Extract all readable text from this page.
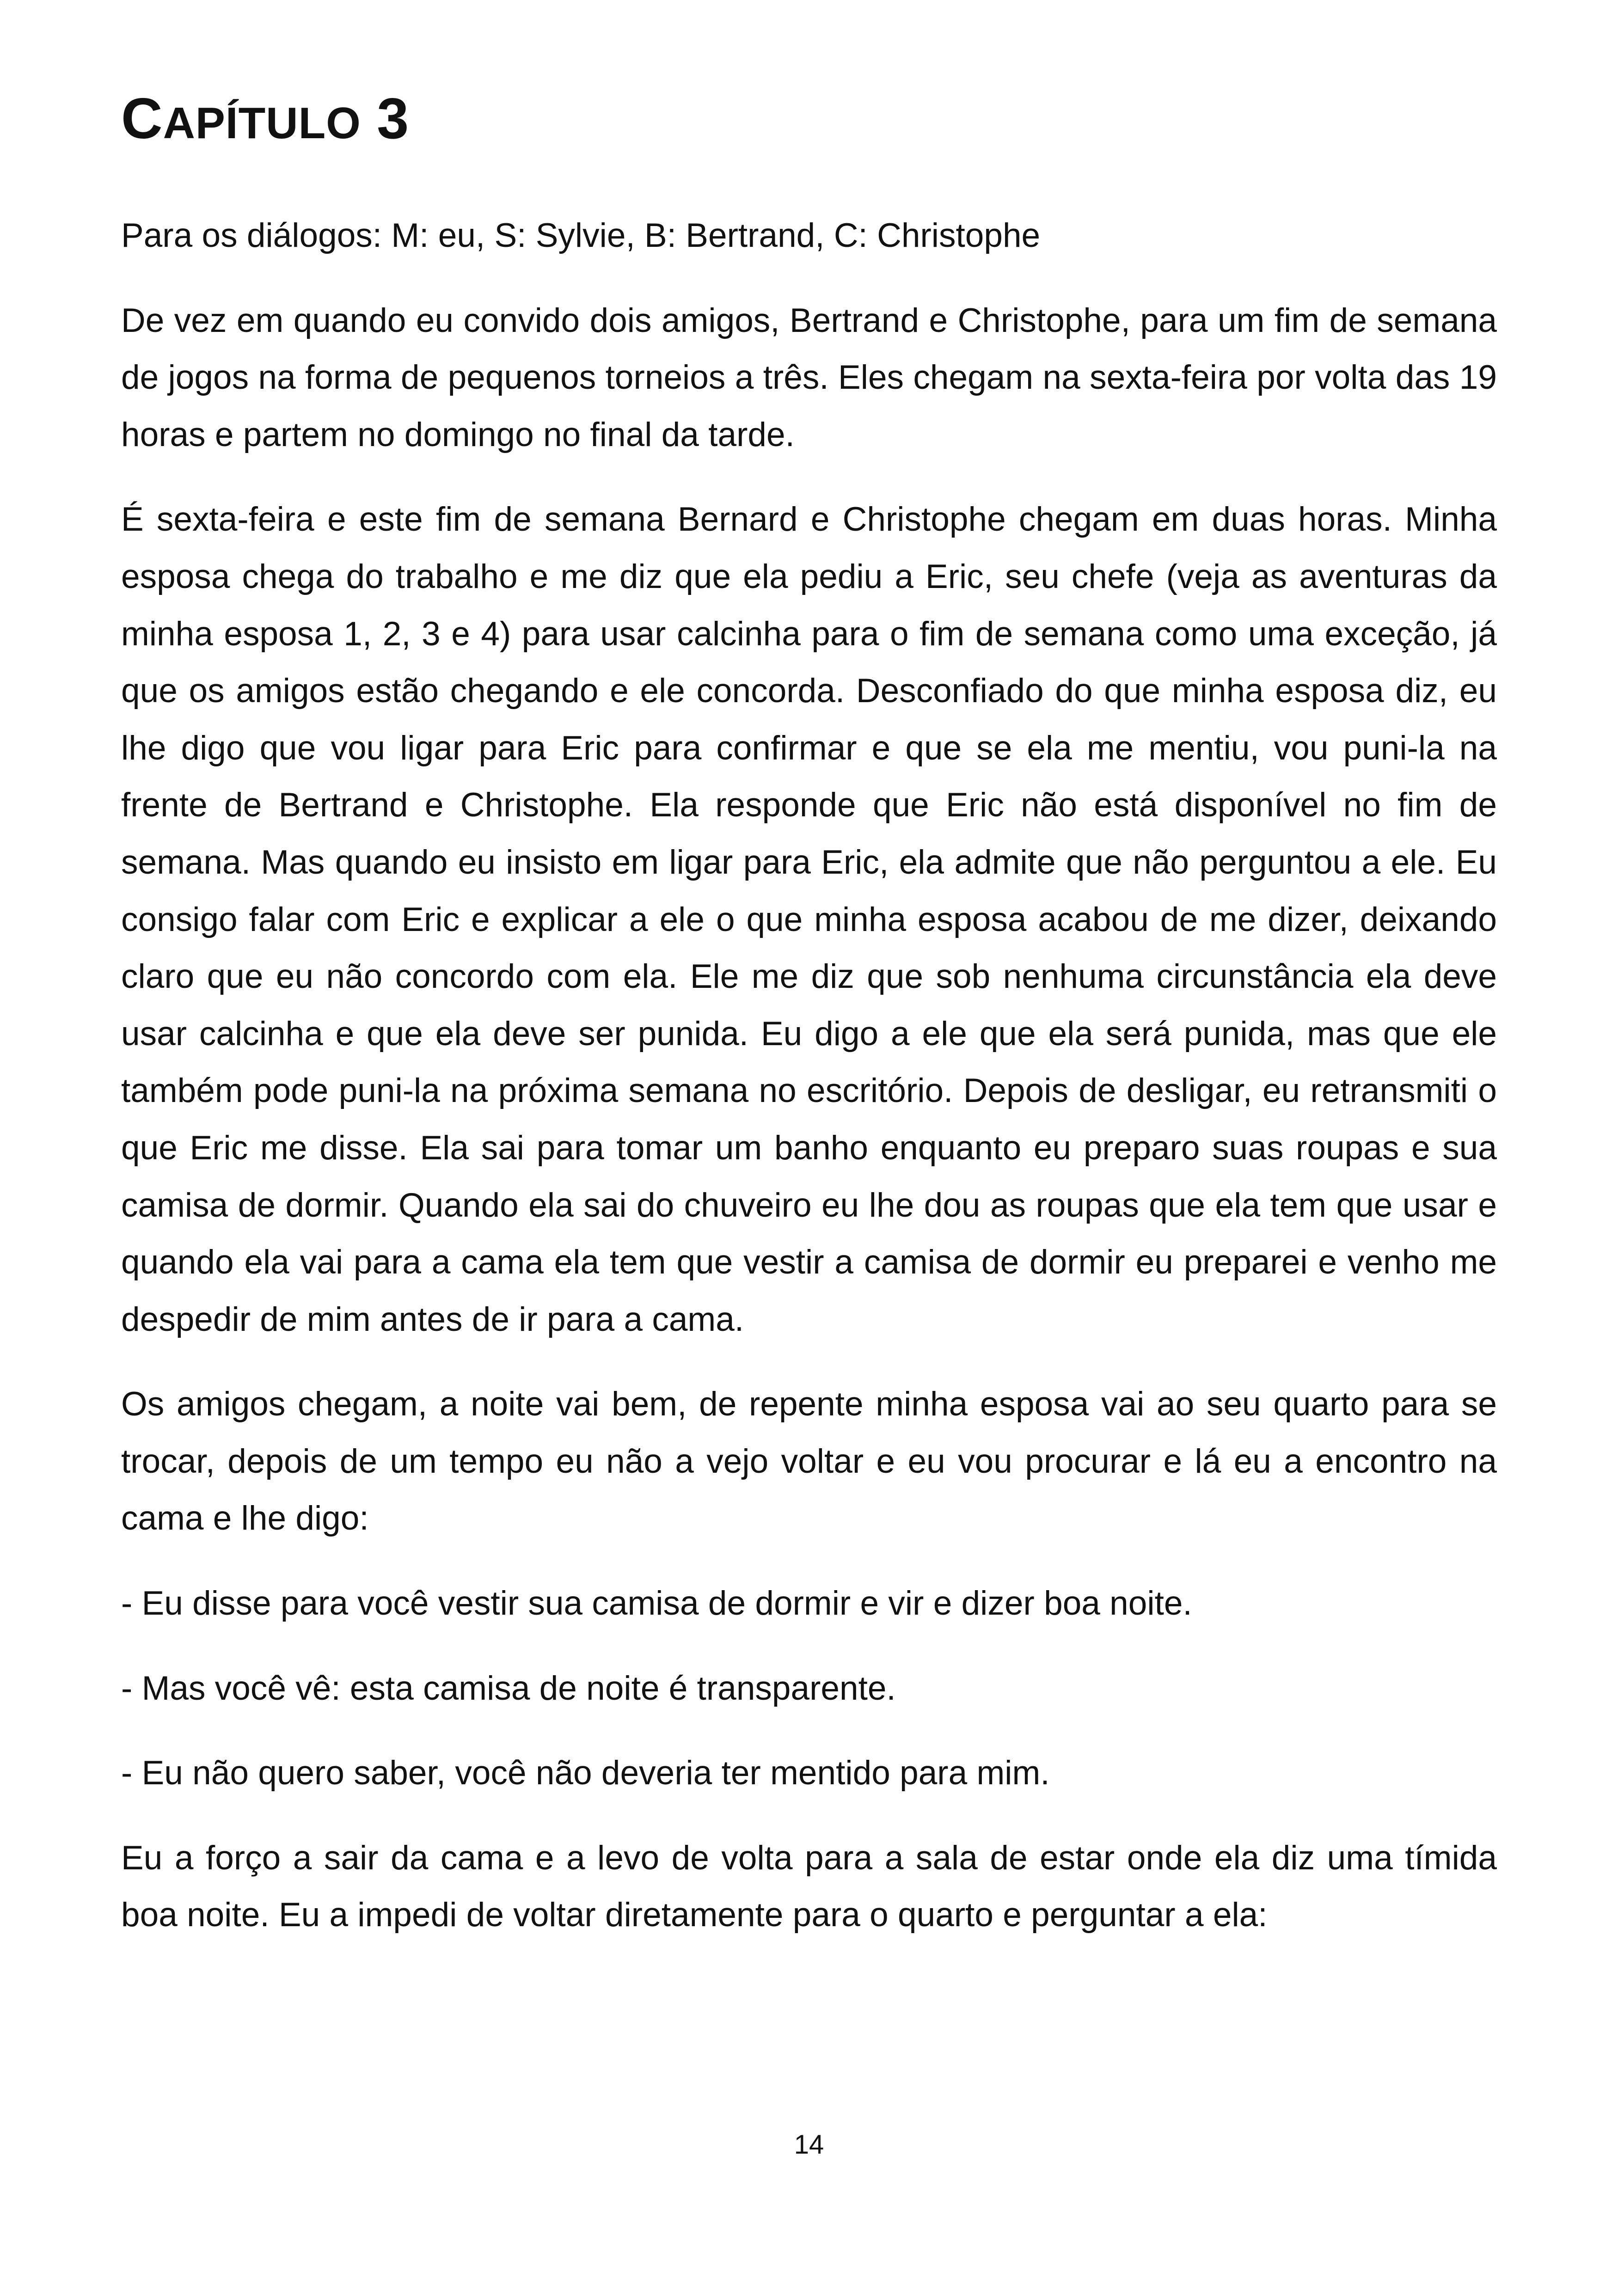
CAPÍTULO 3

Para os diálogos: M: eu, S: Sylvie, B: Bertrand, C: Christophe

De vez em quando eu convido dois amigos, Bertrand e Christophe, para um fim de semana de jogos na forma de pequenos torneios a três. Eles chegam na sexta-feira por volta das 19 horas e partem no domingo no final da tarde.

É sexta-feira e este fim de semana Bernard e Christophe chegam em duas horas. Minha esposa chega do trabalho e me diz que ela pediu a Eric, seu chefe (veja as aventuras da minha esposa 1, 2, 3 e 4) para usar calcinha para o fim de semana como uma exceção, já que os amigos estão chegando e ele concorda. Desconfiado do que minha esposa diz, eu lhe digo que vou ligar para Eric para confirmar e que se ela me mentiu, vou puni-la na frente de Bertrand e Christophe. Ela responde que Eric não está disponível no fim de semana. Mas quando eu insisto em ligar para Eric, ela admite que não perguntou a ele. Eu consigo falar com Eric e explicar a ele o que minha esposa acabou de me dizer, deixando claro que eu não concordo com ela. Ele me diz que sob nenhuma circunstância ela deve usar calcinha e que ela deve ser punida. Eu digo a ele que ela será punida, mas que ele também pode puni-la na próxima semana no escritório. Depois de desligar, eu retransmiti o que Eric me disse. Ela sai para tomar um banho enquanto eu preparo suas roupas e sua camisa de dormir. Quando ela sai do chuveiro eu lhe dou as roupas que ela tem que usar e quando ela vai para a cama ela tem que vestir a camisa de dormir eu preparei e venho me despedir de mim antes de ir para a cama.

Os amigos chegam, a noite vai bem, de repente minha esposa vai ao seu quarto para se trocar, depois de um tempo eu não a vejo voltar e eu vou procurar e lá eu a encontro na cama e lhe digo:

- Eu disse para você vestir sua camisa de dormir e vir e dizer boa noite.

- Mas você vê: esta camisa de noite é transparente.

- Eu não quero saber, você não deveria ter mentido para mim.

Eu a forço a sair da cama e a levo de volta para a sala de estar onde ela diz uma tímida boa noite. Eu a impedi de voltar diretamente para o quarto e perguntar a ela:

14
